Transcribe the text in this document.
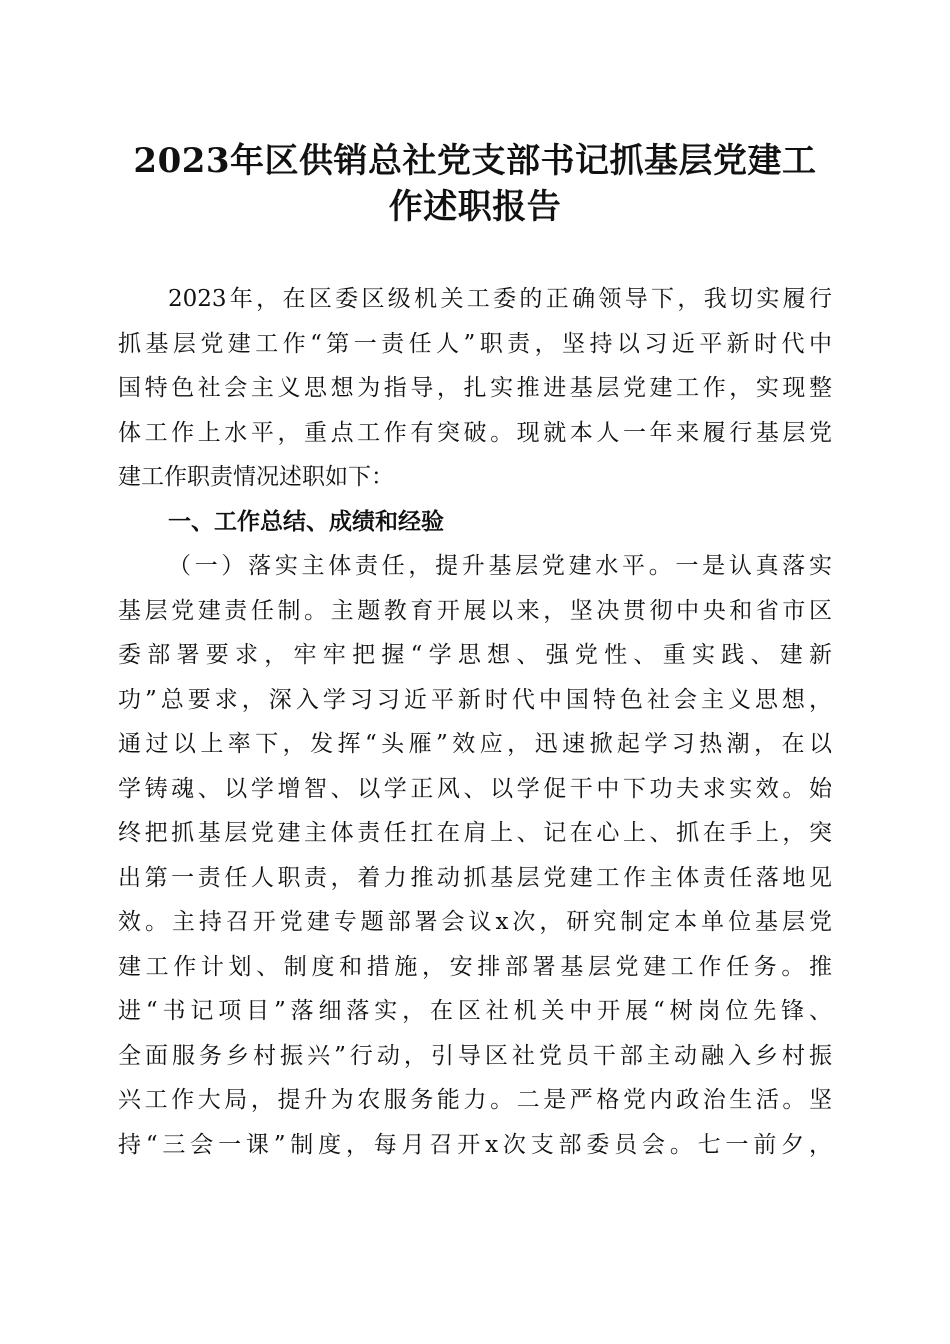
2023年区供销总社党支部书记抓基层党建工
作述职报告
2023年，在区委区级机关工委的正确领导下，我切实履行
抓基层党建工作“第一责任人”职责，坚持以习近平新时代中
国特色社会主义思想为指导，扎实推进基层党建工作，实现整
体工作上水平，重点工作有突破。现就本人一年来履行基层党
建工作职责情况述职如下：
一、工作总结、成绩和经验
（一）落实主体责任，提升基层党建水平。一是认真落实
基层党建责任制。主题教育开展以来，坚决贯彻中央和省市区
委部署要求，牢牢把握“学思想、强党性、重实践、建新
功”总要求，深入学习习近平新时代中国特色社会主义思想，
通过以上率下，发挥“头雁”效应，迅速掀起学习热潮，在以
学铸魂、以学增智、以学正风、以学促干中下功夫求实效。始
终把抓基层党建主体责任扛在肩上、记在心上、抓在手上，突
出第一责任人职责，着力推动抓基层党建工作主体责任落地见
效。主持召开党建专题部署会议x次，研究制定本单位基层党
建工作计划、制度和措施，安排部署基层党建工作任务。推
进“书记项目”落细落实，在区社机关中开展“树岗位先锋、
全面服务乡村振兴”行动，引导区社党员干部主动融入乡村振
兴工作大局，提升为农服务能力。二是严格党内政治生活。坚
持“三会一课”制度，每月召开x次支部委员会。七一前夕，
